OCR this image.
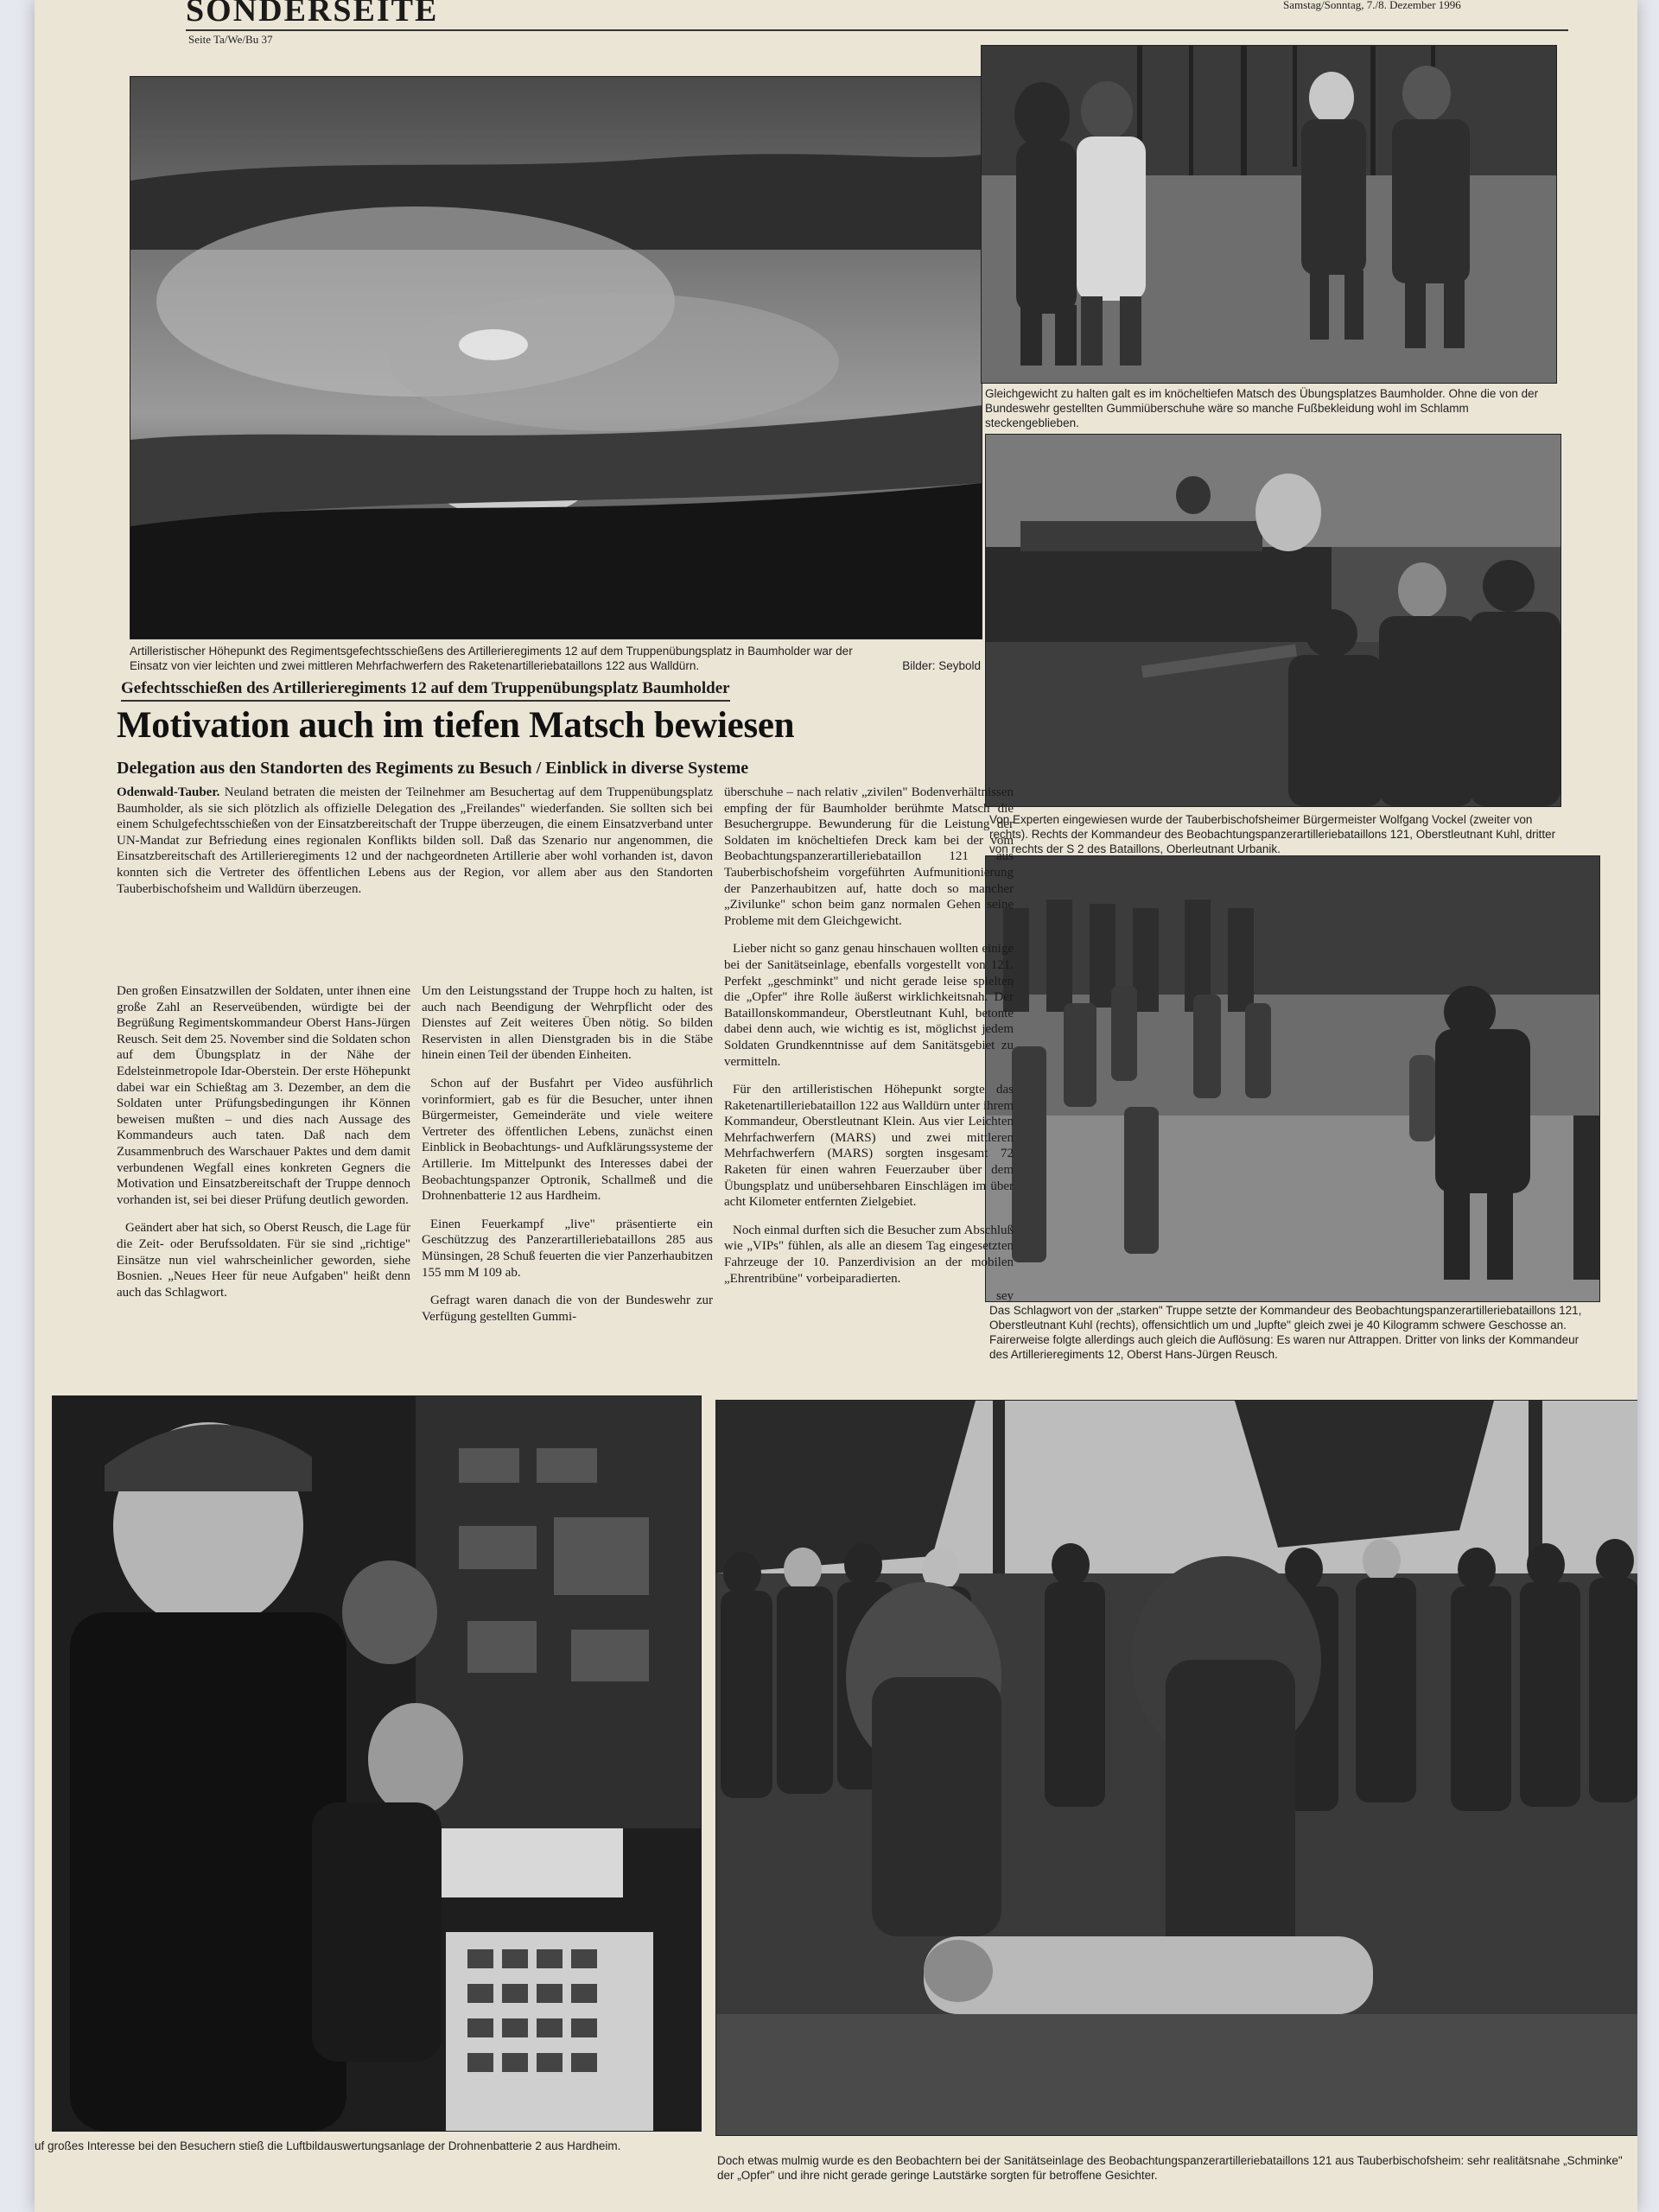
SONDERSEITE
Seite Ta/We/Bu 37
Samstag/Sonntag, 7./8. Dezember 1996
Artilleristischer Höhepunkt des Regimentsgefechtsschießens des Artillerieregiments 12 auf dem Truppenübungsplatz in Baumholder war der Einsatz von vier leichten und zwei mittleren Mehrfachwerfern des Raketenartilleriebataillons 122 aus Walldürn.	Bilder: Seybold
Gleichgewicht zu halten galt es im knöcheltiefen Matsch des Übungsplatzes Baumholder. Ohne die von der Bundeswehr gestellten Gummiüberschuhe wäre so manche Fußbekleidung wohl im Schlamm steckengeblieben.
Von Experten eingewiesen wurde der Tauberbischofsheimer Bürgermeister Wolfgang Vockel (zweiter von rechts). Rechts der Kommandeur des Beobachtungspanzerartilleriebataillons 121, Oberstleutnant Kuhl, dritter von rechts der S 2 des Bataillons, Oberleutnant Urbanik.
Das Schlagwort von der „starken" Truppe setzte der Kommandeur des Beobachtungspanzerartilleriebataillons 121, Oberstleutnant Kuhl (rechts), offensichtlich um und „lupfte" gleich zwei je 40 Kilogramm schwere Geschosse an. Fairerweise folgte allerdings auch gleich die Auflösung: Es waren nur Attrappen. Dritter von links der Kommandeur des Artillerieregiments 12, Oberst Hans-Jürgen Reusch.
Gefechtsschießen des Artillerieregiments 12 auf dem Truppenübungsplatz Baumholder
Motivation auch im tiefen Matsch bewiesen
Delegation aus den Standorten des Regiments zu Besuch / Einblick in diverse Systeme

Odenwald-Tauber. Neuland betraten die meisten der Teilnehmer am Besuchertag auf dem Truppenübungsplatz Baumholder, als sie sich plötzlich als offizielle Delegation des „Freilandes" wiederfanden. Sie sollten sich bei einem Schulgefechtsschießen von der Einsatzbereitschaft der Truppe überzeugen, die einem Einsatzverband unter UN-Mandat zur Befriedung eines regionalen Konflikts bilden soll. Daß das Szenario nur angenommen, die Einsatzbereitschaft des Artillerieregiments 12 und der nachgeordneten Artillerie aber wohl vorhanden ist, davon konnten sich die Vertreter des öffentlichen Lebens aus der Region, vor allem aber aus den Standorten Tauberbischofsheim und Walldürn überzeugen.

Den großen Einsatzwillen der Soldaten, unter ihnen eine große Zahl an Reserveübenden, würdigte bei der Begrüßung Regimentskommandeur Oberst Hans-Jürgen Reusch. Seit dem 25. November sind die Soldaten schon auf dem Übungsplatz in der Nähe der Edelsteinmetropole Idar-Oberstein. Der erste Höhepunkt dabei war ein Schießtag am 3. Dezember, an dem die Soldaten unter Prüfungsbedingungen ihr Können beweisen mußten – und dies nach Aussage des Kommandeurs auch taten. Daß nach dem Zusammenbruch des Warschauer Paktes und dem damit verbundenen Wegfall eines konkreten Gegners die Motivation und Einsatzbereitschaft der Truppe dennoch vorhanden ist, sei bei dieser Prüfung deutlich geworden.

Geändert aber hat sich, so Oberst Reusch, die Lage für die Zeit- oder Berufssoldaten. Für sie sind „richtige" Einsätze nun viel wahrscheinlicher geworden, siehe Bosnien. „Neues Heer für neue Aufgaben" heißt denn auch das Schlagwort.

Um den Leistungsstand der Truppe hoch zu halten, ist auch nach Beendigung der Wehrpflicht oder des Dienstes auf Zeit weiteres Üben nötig. So bilden Reservisten in allen Dienstgraden bis in die Stäbe hinein einen Teil der übenden Einheiten.

Schon auf der Busfahrt per Video ausführlich vorinformiert, gab es für die Besucher, unter ihnen Bürgermeister, Gemeinderäte und viele weitere Vertreter des öffentlichen Lebens, zunächst einen Einblick in Beobachtungs- und Aufklärungssysteme der Artillerie. Im Mittelpunkt des Interesses dabei der Beobachtungspanzer Optronik, Schallmeß und die Drohnenbatterie 12 aus Hardheim.

Einen Feuerkampf „live" präsentierte ein Geschützzug des Panzerartilleriebataillons 285 aus Münsingen, 28 Schuß feuerten die vier Panzerhaubitzen 155 mm M 109 ab.

Gefragt waren danach die von der Bundeswehr zur Verfügung gestellten Gummi-

überschuhe – nach relativ „zivilen" Bodenverhältnissen empfing der für Baumholder berühmte Matsch die Besuchergruppe. Bewunderung für die Leistung der Soldaten im knöcheltiefen Dreck kam bei der vom Beobachtungspanzerartilleriebataillon 121 aus Tauberbischofsheim vorgeführten Aufmunitionierung der Panzerhaubitzen auf, hatte doch so mancher „Zivilunke" schon beim ganz normalen Gehen seine Probleme mit dem Gleichgewicht.

Lieber nicht so ganz genau hinschauen wollten einige bei der Sanitätseinlage, ebenfalls vorgestellt von 121. Perfekt „geschminkt" und nicht gerade leise spielten die „Opfer" ihre Rolle äußerst wirklichkeitsnah. Der Bataillonskommandeur, Oberstleutnant Kuhl, betonte dabei denn auch, wie wichtig es ist, möglichst jedem Soldaten Grundkenntnisse auf dem Sanitätsgebiet zu vermitteln.

Für den artilleristischen Höhepunkt sorgte das Raketenartilleriebataillon 122 aus Walldürn unter ihrem Kommandeur, Oberstleutnant Klein. Aus vier Leichten Mehrfachwerfern (MARS) und zwei mittleren Mehrfachwerfern (MARS) sorgten insgesamt 72 Raketen für einen wahren Feuerzauber über dem Übungsplatz und unübersehbaren Einschlägen im über acht Kilometer entfernten Zielgebiet.

Noch einmal durften sich die Besucher zum Abschluß wie „VIPs" fühlen, als alle an diesem Tag eingesetzten Fahrzeuge der 10. Panzerdivision an der mobilen „Ehrentribüne" vorbeiparadierten.

sey
uf großes Interesse bei den Besuchern stieß die Luftbildauswertungsanlage der Drohnenbatterie 2 aus Hardheim.
Doch etwas mulmig wurde es den Beobachtern bei der Sanitätseinlage des Beobachtungspanzerartilleriebataillons 121 aus Tauberbischofsheim: sehr realitätsnahe „Schminke" der „Opfer" und ihre nicht gerade geringe Lautstärke sorgten für betroffene Gesichter.
